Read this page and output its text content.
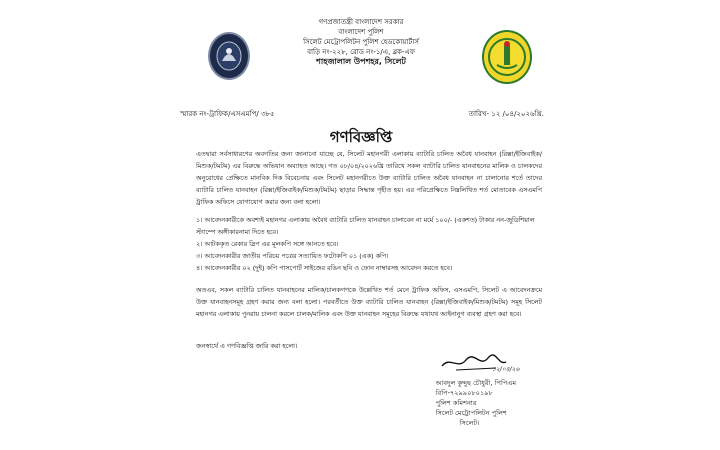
গণপ্রজাতন্ত্রী বাংলাদেশ সরকার
বাংলাদেশ পুলিশ
সিলেট মেট্রোপলিটন পুলিশ হেডকোয়ার্টার্স
বাড়ি নং-২২৮, রোড নং-১/এ, ব্লক-এফ
শাহজালাল উপশহর, সিলেট
স্মারক নং-ট্রাফিক/এসএমপি/ ৩৮৫	তারিখ- ১২ /০৪/২০২৬খ্রি.
গণবিজ্ঞপ্তি
এতদ্বারা সর্বসাধারণের অবগতির জন্য জানানো যাচ্ছে যে, সিলেট মহানগরী এলাকায় ব্যাটারি চালিত অবৈধ যানবাহন (রিক্সা/ইজিবাইক/মিশুক/টমটম) এর বিরুদ্ধে অভিযান অব্যাহত আছে। গত ০৮/০৪/২০২৬খ্রি তারিখে সকল ব্যাটারি চালিত যানবাহনের মালিক ও চালকদের অনুরোধের প্রেক্ষিতে মানবিক দিক বিবেচনায় এবং সিলেট মহানগরীতে উক্ত ব্যাটারি চালিত অবৈধ যানবাহন না চালানোর শর্তে তাদের ব্যাটারি চালিত যানবাহন (রিক্সা/ইজিবাইক/মিশুক/টমটম) ছাড়ার সিদ্ধান্ত গৃহীত হয়। এর পরিপ্রেক্ষিতে নিম্নলিখিত শর্ত মোতাবেক এসএমপি ট্রাফিক অফিসে যোগাযোগ করার জন্য বলা হলো।
১। আবেদনকারীকে অবশ্যই মহানগর এলাকায় অবৈধ ব্যাটারি চালিত যানবাহন চালাবেন না মর্মে ১০০/- (একশত) টাকার নন-জুডিশিয়াল স্ট্যাম্পে অঙ্গীকারনামা দিতে হবে।
২। আটককৃত রেকার স্লিপ এর মূলকপি সঙ্গে আনতে হবে।
৩। আবেদনকারীর জাতীয় পরিচয় পত্রের সত্যায়িত ফটোকপি ০১ (এক) কপি।
৪। আবেদনকারীর ০২ (দুই) কপি পাসপোর্ট সাইজের রঙিন ছবি ও ফোন নাম্বারসহ আবেদন করতে হবে।
অতএব, সকল ব্যাটারি চালিত যানবাহনের মালিক/চালকগণকে উল্লেখিত শর্ত মেনে ট্রাফিক অফিস, এসএমপি, সিলেট এ আবেদনক্রমে উক্ত যানবাহনসমূহ গ্রহণ করার জন্য বলা হলো। পরবর্তীতে উক্ত ব্যাটারি চালিত যানবাহন (রিক্সা/ইজিবাইক/মিশুক/টমটম) সমূহ সিলেট মহানগর এলাকায় পুনরায় চালনা করলে চালক/মালিক এবং উক্ত যানবাহন সমূহের বিরুদ্ধে যথাযথ আইনানুগ ব্যবস্থা গ্রহণ করা হবে।
জনস্বার্থে এ গণবিজ্ঞপ্তি জারি করা হলো।
১২/০৪/২৬
আবদুল কুদ্দুছ চৌধুরী, পিপিএম
বিপি-৭২৯৯০৮০১৯৮
পুলিশ কমিশনার
সিলেট মেট্রোপলিটন পুলিশ
সিলেট।
